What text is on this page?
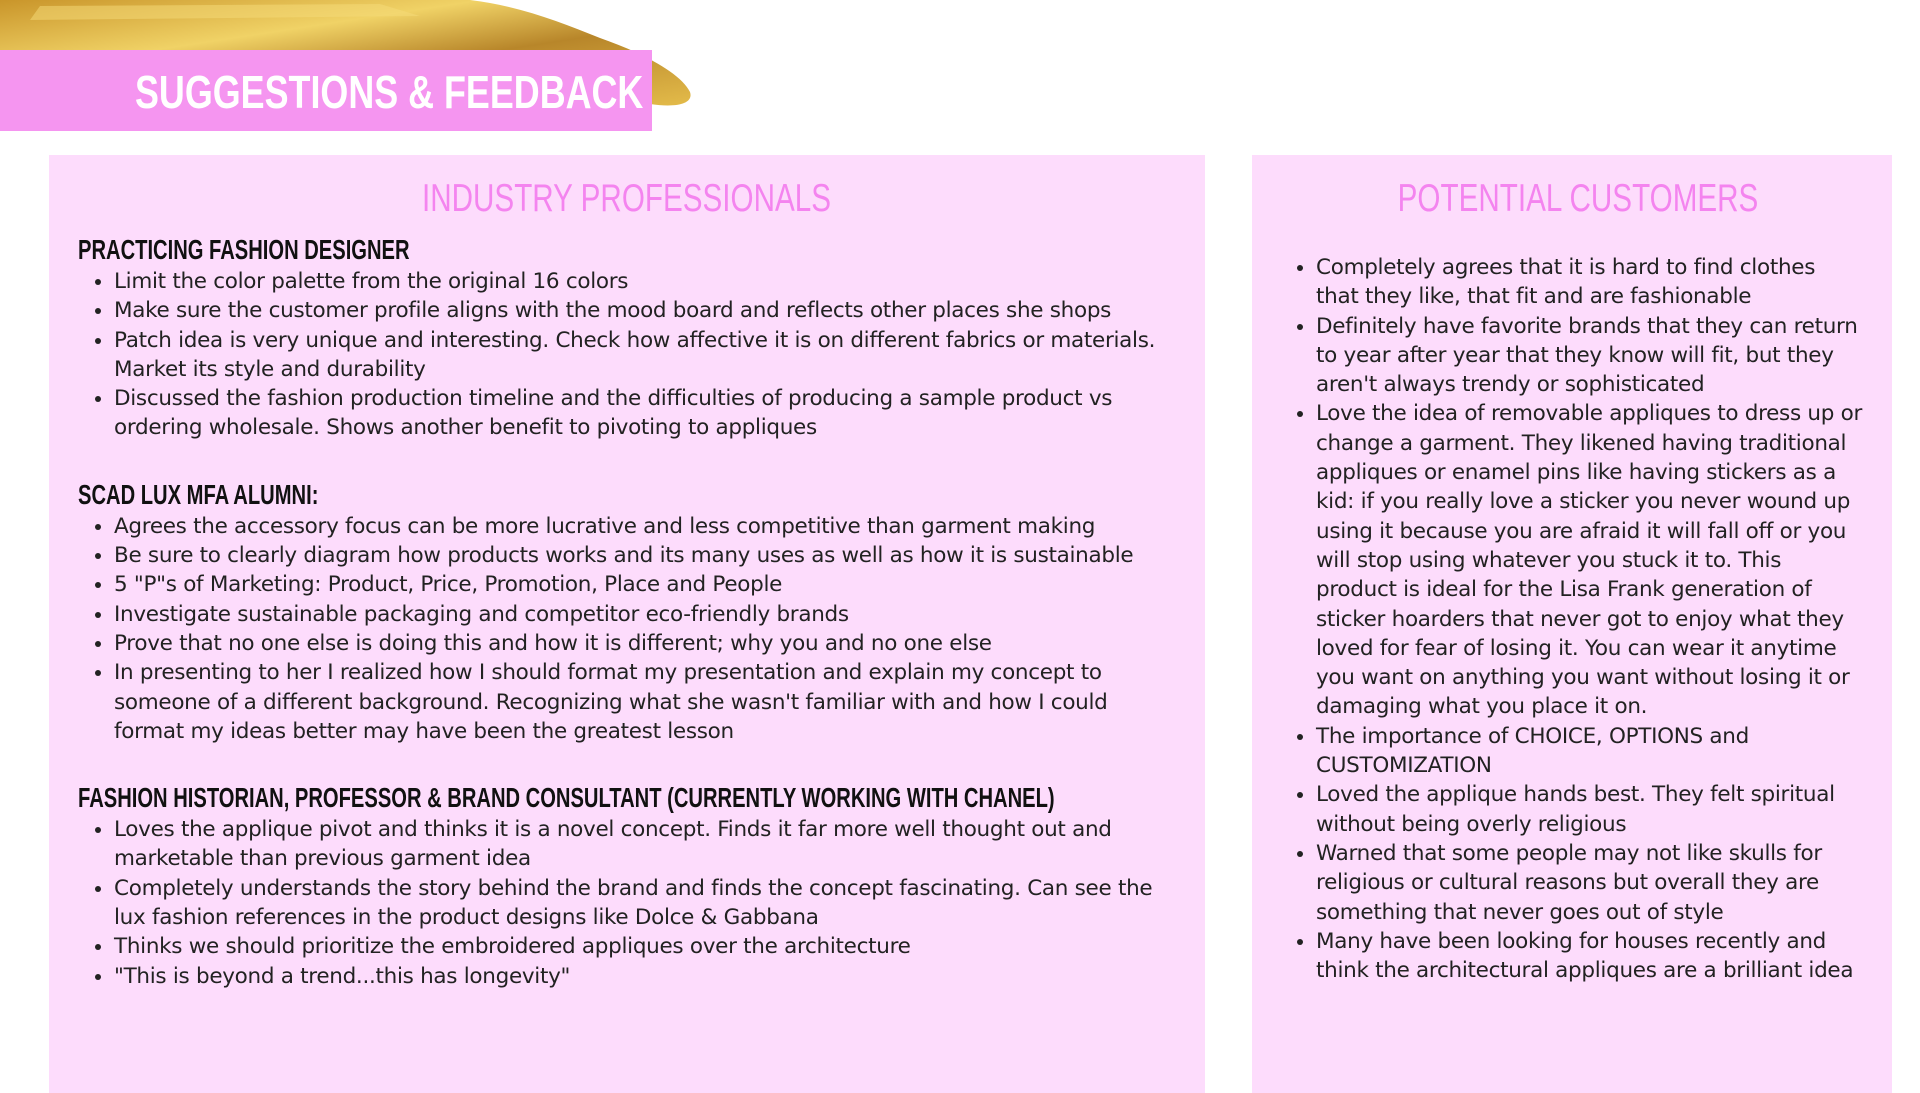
SUGGESTIONS & FEEDBACK
INDUSTRY PROFESSIONALS
PRACTICING FASHION DESIGNER
• Limit the color palette from the original 16 colors
• Make sure the customer profile aligns with the mood board and reflects other places she shops
• Patch idea is very unique and interesting. Check how affective it is on different fabrics or materials. Market its style and durability
• Discussed the fashion production timeline and the difficulties of producing a sample product vs ordering wholesale. Shows another benefit to pivoting to appliques
SCAD LUX MFA ALUMNI:
• Agrees the accessory focus can be more lucrative and less competitive than garment making
• Be sure to clearly diagram how products works and its many uses as well as how it is sustainable
• 5 "P"s of Marketing: Product, Price, Promotion, Place and People
• Investigate sustainable packaging and competitor eco-friendly brands
• Prove that no one else is doing this and how it is different; why you and no one else
• In presenting to her I realized how I should format my presentation and explain my concept to someone of a different background. Recognizing what she wasn't familiar with and how I could format my ideas better may have been the greatest lesson
FASHION HISTORIAN, PROFESSOR & BRAND CONSULTANT (CURRENTLY WORKING WITH CHANEL)
• Loves the applique pivot and thinks it is a novel concept. Finds it far more well thought out and marketable than previous garment idea
• Completely understands the story behind the brand and finds the concept fascinating. Can see the lux fashion references in the product designs like Dolce & Gabbana
• Thinks we should prioritize the embroidered appliques over the architecture
• "This is beyond a trend...this has longevity"
POTENTIAL CUSTOMERS
• Completely agrees that it is hard to find clothes that they like, that fit and are fashionable
• Definitely have favorite brands that they can return to year after year that they know will fit, but they aren't always trendy or sophisticated
• Love the idea of removable appliques to dress up or change a garment. They likened having traditional appliques or enamel pins like having stickers as a kid: if you really love a sticker you never wound up using it because you are afraid it will fall off or you will stop using whatever you stuck it to. This product is ideal for the Lisa Frank generation of sticker hoarders that never got to enjoy what they loved for fear of losing it. You can wear it anytime you want on anything you want without losing it or damaging what you place it on.
• The importance of CHOICE, OPTIONS and CUSTOMIZATION
• Loved the applique hands best. They felt spiritual without being overly religious
• Warned that some people may not like skulls for religious or cultural reasons but overall they are something that never goes out of style
• Many have been looking for houses recently and think the architectural appliques are a brilliant idea
